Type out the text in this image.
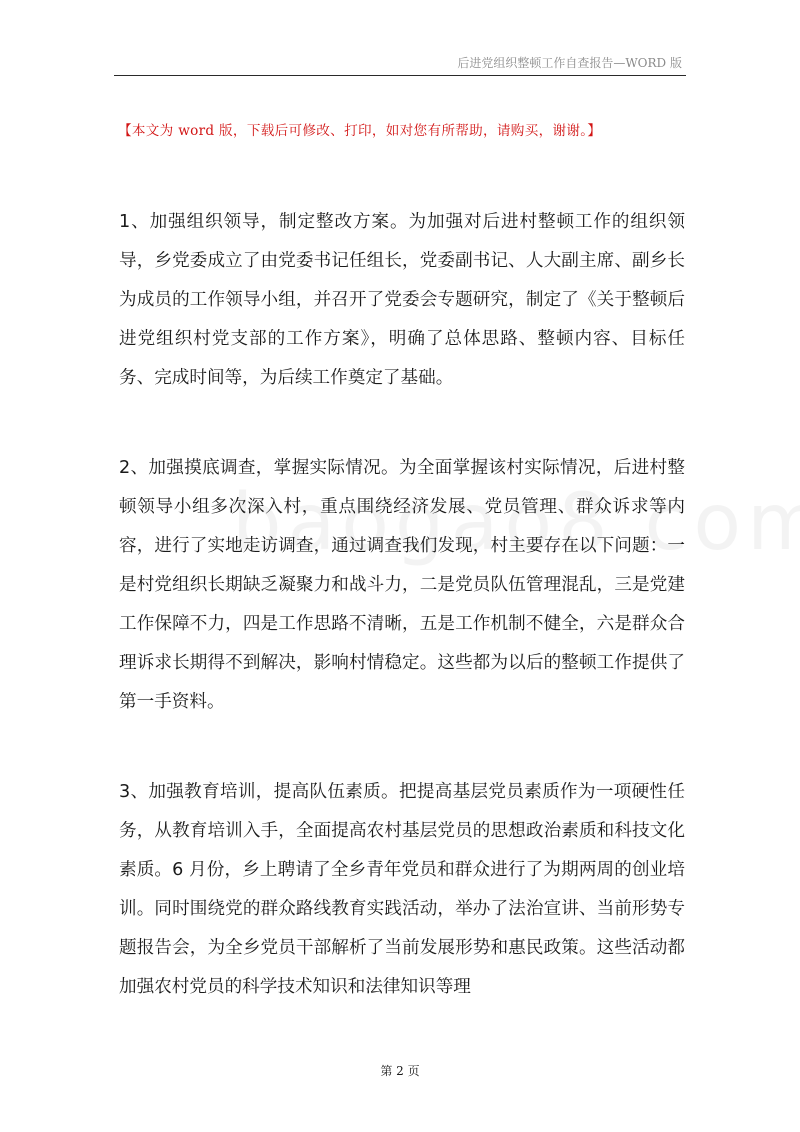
后进党组织整顿工作自查报告—WORD 版
【本文为 word 版，下载后可修改、打印，如对您有所帮助，请购买，谢谢。】

1、加强组织领导，制定整改方案。为加强对后进村整顿工作的组织领导，乡党委成立了由党委书记任组长，党委副书记、人大副主席、副乡长为成员的工作领导小组，并召开了党委会专题研究，制定了《关于整顿后进党组织村党支部的工作方案》，明确了总体思路、整顿内容、目标任务、完成时间等，为后续工作奠定了基础。

2、加强摸底调查，掌握实际情况。为全面掌握该村实际情况，后进村整顿领导小组多次深入村，重点围绕经济发展、党员管理、群众诉求等内容，进行了实地走访调查，通过调查我们发现，村主要存在以下问题：一是村党组织长期缺乏凝聚力和战斗力，二是党员队伍管理混乱，三是党建工作保障不力，四是工作思路不清晰，五是工作机制不健全，六是群众合理诉求长期得不到解决，影响村情稳定。这些都为以后的整顿工作提供了第一手资料。

3、加强教育培训，提高队伍素质。把提高基层党员素质作为一项硬性任务，从教育培训入手，全面提高农村基层党员的思想政治素质和科技文化素质。6 月份，乡上聘请了全乡青年党员和群众进行了为期两周的创业培训。同时围绕党的群众路线教育实践活动，举办了法治宣讲、当前形势专题报告会，为全乡党员干部解析了当前发展形势和惠民政策。这些活动都加强农村党员的科学技术知识和法律知识等理

第 2 页
